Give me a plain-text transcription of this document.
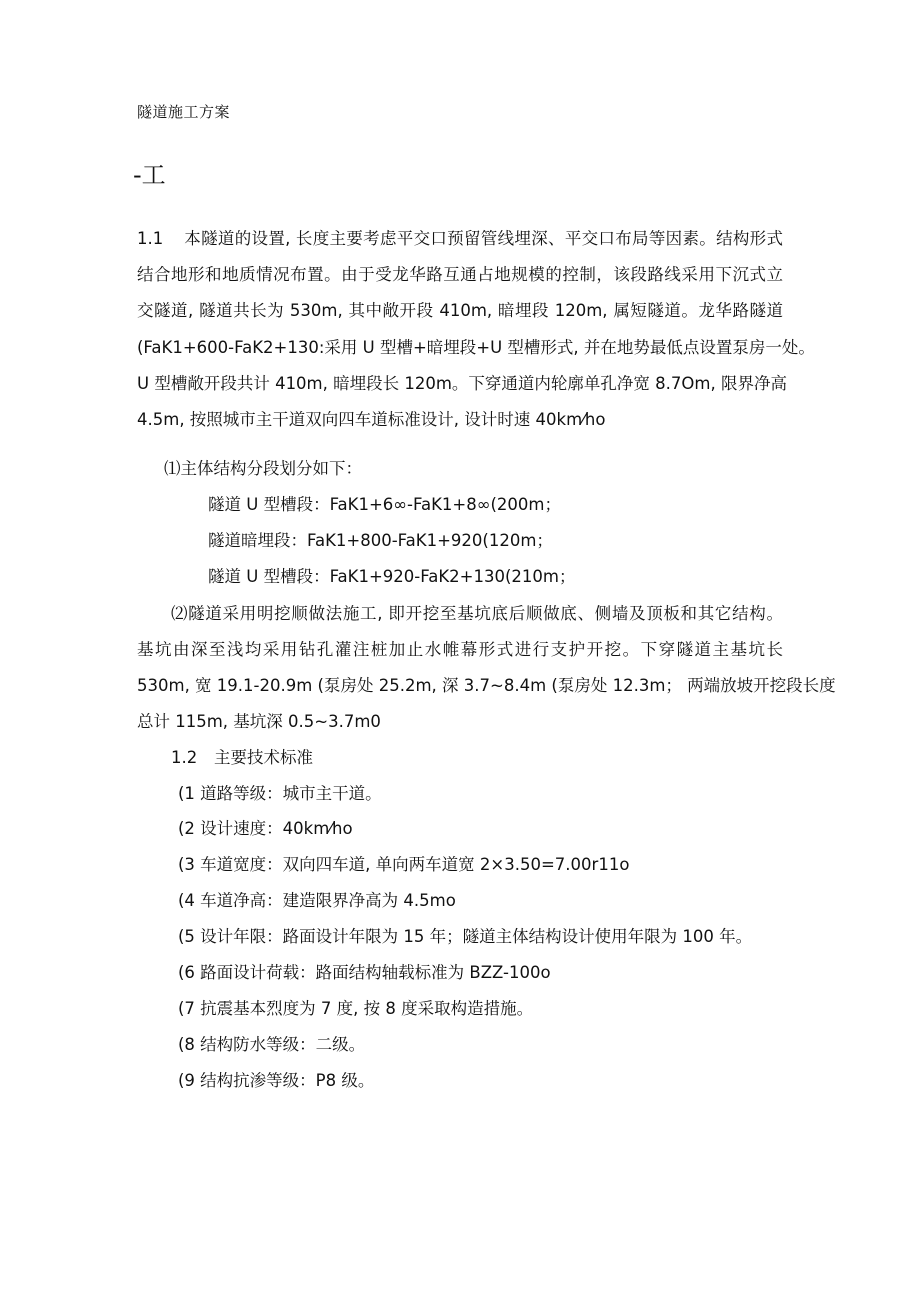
隧道施工方案
-工
1.1 本隧道的设置, 长度主要考虑平交口预留管线埋深、平交口布局等因素。结构形式
结合地形和地质情况布置。由于受龙华路互通占地规模的控制，该段路线采用下沉式立
交隧道, 隧道共长为 530m, 其中敞开段 410m, 暗埋段 120m, 属短隧道。龙华路隧道
(FaK1+600-FaK2+130:采用 U 型槽+暗埋段+U 型槽形式, 并在地势最低点设置泵房一处。
U 型槽敞开段共计 410m, 暗埋段长 120m。下穿通道内轮廓单孔净宽 8.7Om, 限界净高
4.5m, 按照城市主干道双向四车道标准设计, 设计时速 40km⁄ho
⑴主体结构分段划分如下：
隧道 U 型槽段：FaK1+6∞-FaK1+8∞(200m；
隧道暗埋段：FaK1+800-FaK1+920(120m；
隧道 U 型槽段：FaK1+920-FaK2+130(210m；
⑵隧道采用明挖顺做法施工, 即开挖至基坑底后顺做底、侧墙及顶板和其它结构。
基坑由深至浅均采用钻孔灌注桩加止水帷幕形式进行支护开挖。下穿隧道主基坑长
530m, 宽 19.1-20.9m (泵房处 25.2m, 深 3.7~8.4m (泵房处 12.3m； 两端放坡开挖段长度
总计 115m, 基坑深 0.5~3.7m0
1.2 主要技术标准
(1 道路等级：城市主干道。
(2 设计速度：40km⁄ho
(3 车道宽度：双向四车道, 单向两车道宽 2×3.50=7.00r11o
(4 车道净高：建造限界净高为 4.5mo
(5 设计年限：路面设计年限为 15 年；隧道主体结构设计使用年限为 100 年。
(6 路面设计荷载：路面结构轴载标准为 BZZ-100o
(7 抗震基本烈度为 7 度, 按 8 度采取构造措施。
(8 结构防水等级：二级。
(9 结构抗渗等级：P8 级。
